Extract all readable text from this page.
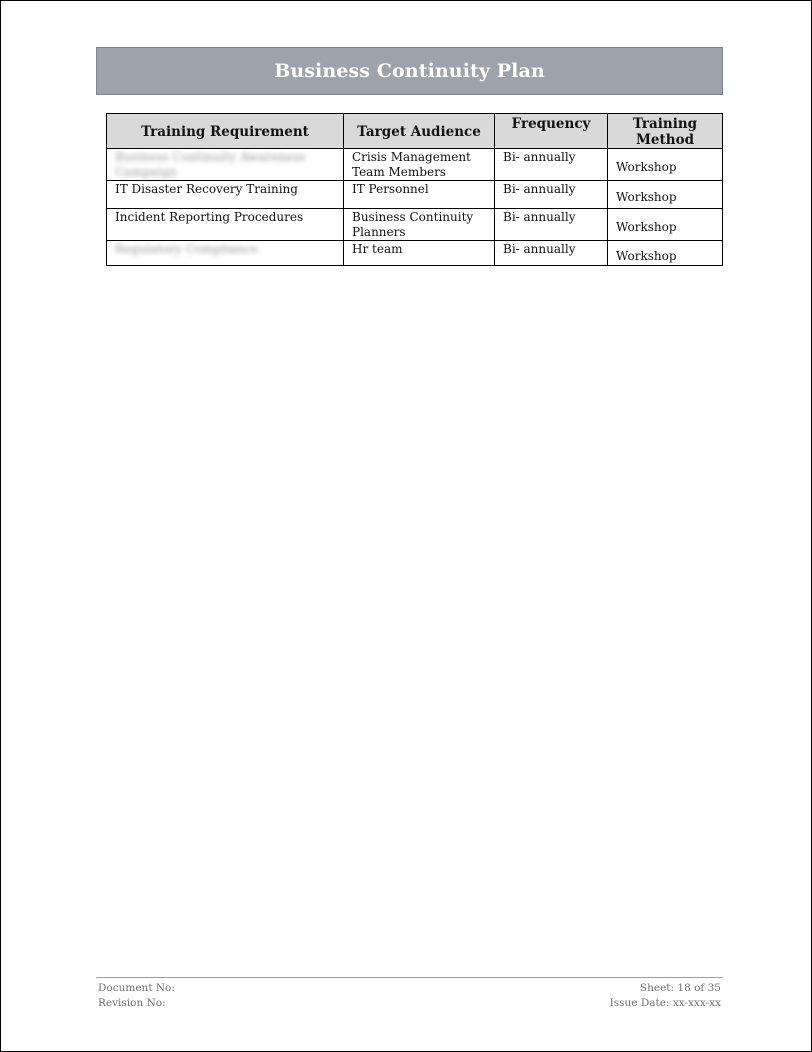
Business Continuity Plan
Training Requirement	Target Audience	Frequency	Training Method
Business Continuity Awareness Campaign	Crisis Management Team Members	Bi- annually	Workshop
IT Disaster Recovery Training	IT Personnel	Bi- annually	Workshop
Incident Reporting Procedures	Business Continuity Planners	Bi- annually	Workshop
Regulatory Compliance	Hr team	Bi- annually	Workshop
Document No:
Revision No:
Sheet: 18 of 35
Issue Date: xx-xxx-xx
